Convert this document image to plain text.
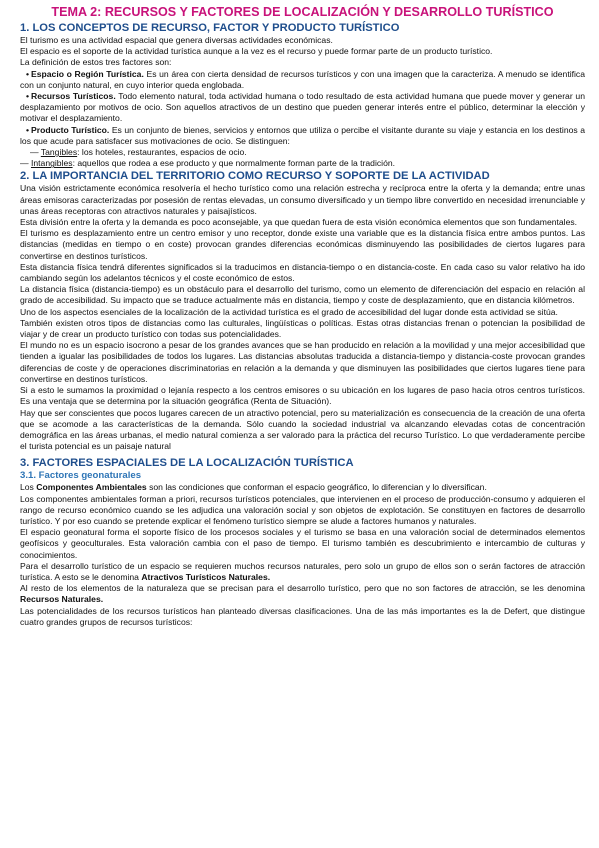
TEMA 2: RECURSOS Y FACTORES DE LOCALIZACIÓN Y DESARROLLO TURÍSTICO
1. LOS CONCEPTOS DE RECURSO, FACTOR Y PRODUCTO TURÍSTICO

El turismo es una actividad espacial que genera diversas actividades económicas.

El espacio es el soporte de la actividad turística aunque a la vez es el recurso y puede formar parte de un producto turístico.

La definición de estos tres factores son:

• Espacio o Región Turística. Es un área con cierta densidad de recursos turísticos y con una imagen que la caracteriza. A menudo se identifica con un conjunto natural, en cuyo interior queda englobada.

• Recursos Turísticos. Todo elemento natural, toda actividad humana o todo resultado de esta actividad humana que puede mover y generar un desplazamiento por motivos de ocio. Son aquellos atractivos de un destino que pueden generar interés entre el público, determinar la elección y motivar el desplazamiento.

• Producto Turístico. Es un conjunto de bienes, servicios y entornos que utiliza o percibe el visitante durante su viaje y estancia en los destinos a los que acude para satisfacer sus motivaciones de ocio. Se distinguen:

— Tangibles: los hoteles, restaurantes, espacios de ocio.

— Intangibles: aquellos que rodea a ese producto y que normalmente forman parte de la tradición.

2. LA IMPORTANCIA DEL TERRITORIO COMO RECURSO Y SOPORTE DE LA ACTIVIDAD

Una visión estrictamente económica resolvería el hecho turístico como una relación estrecha y recíproca entre la oferta y la demanda; entre unas áreas emisoras caracterizadas por posesión de rentas elevadas, un consumo diversificado y un tiempo libre convertido en necesidad irrenunciable y unas áreas receptoras con atractivos naturales y paisajísticos.

Esta división entre la oferta y la demanda es poco aconsejable, ya que quedan fuera de esta visión económica elementos que son fundamentales.

El turismo es desplazamiento entre un centro emisor y uno receptor, donde existe una variable que es la distancia física entre ambos puntos. Las distancias (medidas en tiempo o en coste) provocan grandes diferencias económicas disminuyendo las posibilidades de ciertos lugares para convertirse en destinos turísticos.

Esta distancia física tendrá diferentes significados si la traducimos en distancia-tiempo o en distancia-coste. En cada caso su valor relativo ha ido cambiando según los adelantos técnicos y el coste económico de estos.

La distancia física (distancia-tiempo) es un obstáculo para el desarrollo del turismo, como un elemento de diferenciación del espacio en relación al grado de accesibilidad. Su impacto que se traduce actualmente más en distancia, tiempo y coste de desplazamiento, que en distancia kilómetros.

Uno de los aspectos esenciales de la localización de la actividad turística es el grado de accesibilidad del lugar donde esta actividad se sitúa.

También existen otros tipos de distancias como las culturales, lingüísticas o políticas. Estas otras distancias frenan o potencian la posibilidad de viajar y de crear un producto turístico con todas sus potencialidades.

El mundo no es un espacio isocrono a pesar de los grandes avances que se han producido en relación a la movilidad y una mejor accesibilidad que tienden a igualar las posibilidades de todos los lugares. Las distancias absolutas traducida a distancia-tiempo y distancia-coste provocan grandes diferencias de coste y de operaciones discriminatorias en relación a la demanda y que disminuyen las posibilidades que ciertos lugares tiene para convertirse en destinos turísticos.

Si a esto le sumamos la proximidad o lejanía respecto a los centros emisores o su ubicación en los lugares de paso hacia otros centros turísticos. Es una ventaja que se determina por la situación geográfica (Renta de Situación).

Hay que ser conscientes que pocos lugares carecen de un atractivo potencial, pero su materialización es consecuencia de la creación de una oferta que se acomode a las características de la demanda. Sólo cuando la sociedad industrial va alcanzando elevadas cotas de concentración demográfica en las áreas urbanas, el medio natural comienza a ser valorado para la práctica del recurso Turístico. Lo que verdaderamente percibe el turista potencial es un paisaje natural

3. FACTORES ESPACIALES DE LA LOCALIZACIÓN TURÍSTICA
3.1. Factores geonaturales

Los Componentes Ambientales son las condiciones que conforman el espacio geográfico, lo diferencian y lo diversifican.

Los componentes ambientales forman a priori, recursos turísticos potenciales, que intervienen en el proceso de producción-consumo y adquieren el rango de recurso económico cuando se les adjudica una valoración social y son objetos de explotación. Se constituyen en factores de desarrollo turístico. Y por eso cuando se pretende explicar el fenómeno turístico siempre se alude a factores humanos y naturales.

El espacio geonatural forma el soporte físico de los procesos sociales y el turismo se basa en una valoración social de determinados elementos geofísicos y geoculturales. Esta valoración cambia con el paso de tiempo. El turismo también es descubrimiento e intercambio de culturas y conocimientos.

Para el desarrollo turístico de un espacio se requieren muchos recursos naturales, pero solo un grupo de ellos son o serán factores de atracción turística. A esto se le denomina Atractivos Turísticos Naturales.

Al resto de los elementos de la naturaleza que se precisan para el desarrollo turístico, pero que no son factores de atracción, se les denomina Recursos Naturales.

Las potencialidades de los recursos turísticos han planteado diversas clasificaciones. Una de las más importantes es la de Defert, que distingue cuatro grandes grupos de recursos turísticos:
